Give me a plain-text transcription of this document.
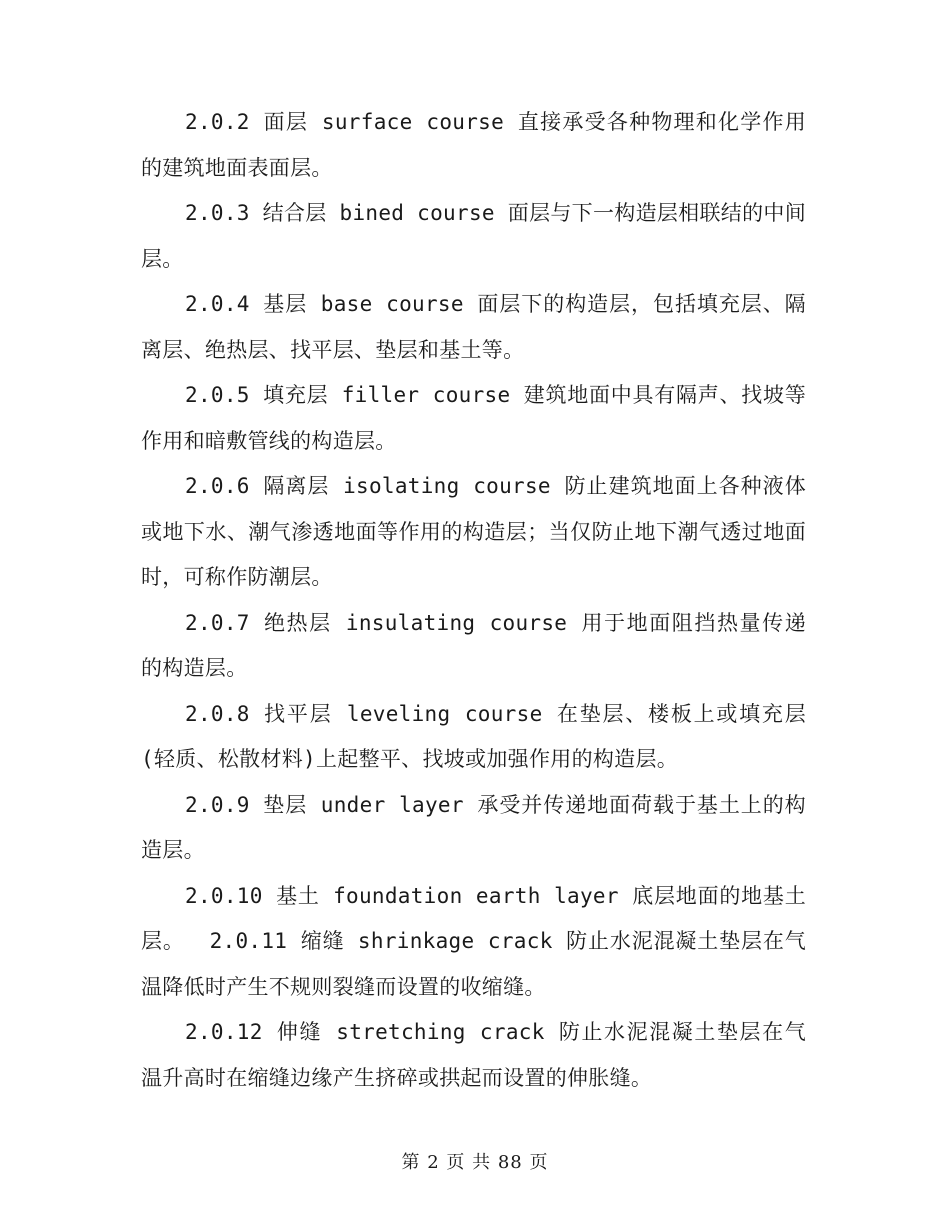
2.0.2 面层 surface course 直接承受各种物理和化学作用的建筑地面表面层。

2.0.3 结合层 bined course 面层与下一构造层相联结的中间层。

2.0.4 基层 base course 面层下的构造层，包括填充层、隔离层、绝热层、找平层、垫层和基土等。

2.0.5 填充层 filler course 建筑地面中具有隔声、找坡等作用和暗敷管线的构造层。

2.0.6 隔离层 isolating course 防止建筑地面上各种液体或地下水、潮气渗透地面等作用的构造层；当仅防止地下潮气透过地面时，可称作防潮层。

2.0.7 绝热层 insulating course 用于地面阻挡热量传递的构造层。

2.0.8 找平层 leveling course 在垫层、楼板上或填充层(轻质、松散材料)上起整平、找坡或加强作用的构造层。

2.0.9 垫层 under layer 承受并传递地面荷载于基土上的构造层。

2.0.10 基土 foundation earth layer 底层地面的地基土层。　 2.0.11 缩缝 shrinkage crack 防止水泥混凝土垫层在气温降低时产生不规则裂缝而设置的收缩缝。

2.0.12 伸缝 stretching crack 防止水泥混凝土垫层在气温升高时在缩缝边缘产生挤碎或拱起而设置的伸胀缝。

第 2 页 共 88 页
